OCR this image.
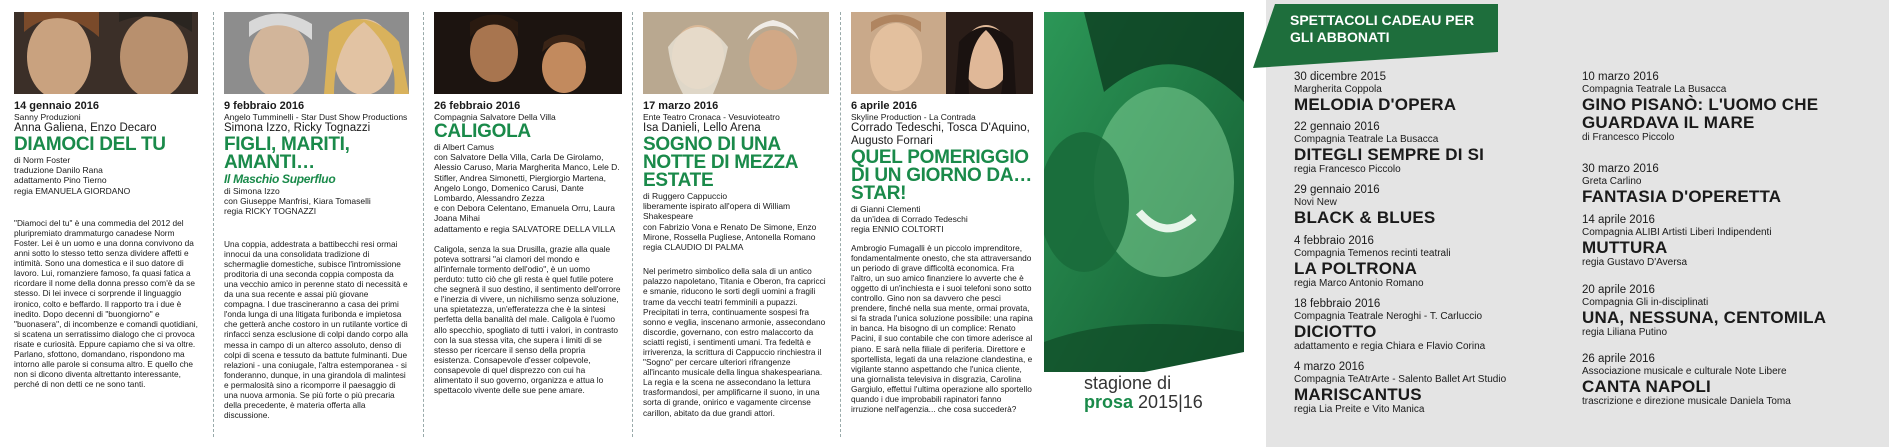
14 gennaio 2016
Sanny Produzioni
Anna Galiena, Enzo Decaro
DIAMOCI DEL TU
di Norm Foster
traduzione Danilo Rana
adattamento Pino Tierno
regia EMANUELA GIORDANO
"Diamoci del tu" è una commedia del 2012 del pluripremiato drammaturgo canadese Norm Foster. Lei è un uomo e una donna convivono da anni sotto lo stesso tetto senza dividere affetti e intimità. Sono una domestica e il suo datore di lavoro. Lui, romanziere famoso, fa quasi fatica a ricordare il nome della donna presso com'è da se stesso. Di lei invece ci sorprende il linguaggio ironico, colto e beffardo. Il rapporto tra i due è inedito. Dopo decenni di "buongiorno" e "buonasera", di incombenze e comandi quotidiani, si scatena un serratissimo dialogo che ci provoca risate e curiosità. Eppure capiamo che si va oltre. Parlano, sfottono, domandano, rispondono ma intorno alle parole si consuma altro. E quello che non si dicono diventa altrettanto interessante, perché di non detti ce ne sono tanti.
9 febbraio 2016
Angelo Tumminelli - Star Dust Show Productions
Simona Izzo, Ricky Tognazzi
FIGLI, MARITI, AMANTI…
Il Maschio Superfluo
di Simona Izzo
con Giuseppe Manfrisi, Kiara Tomaselli
regia RICKY TOGNAZZI
Una coppia, addestrata a battibecchi resi ormai innocui da una consolidata tradizione di schermaglie domestiche, subisce l'intromissione proditoria di una seconda coppia composta da una vecchio amico in perenne stato di necessità e da una sua recente e assai più giovane compagna. I due trascineranno a casa dei primi l'onda lunga di una litigata furibonda e impietosa che getterà anche costoro in un rutilante vortice di rinfacci senza esclusione di colpi dando corpo alla messa in campo di un alterco assoluto, denso di colpi di scena e tessuto da battute fulminanti. Due relazioni - una coniugale, l'altra estemporanea - si fonderanno, dunque, in una girandola di malintesi e permalosità sino a ricomporre il paesaggio di una nuova armonia. Se più forte o più precaria della precedente, è materia offerta alla discussione.
26 febbraio 2016
Compagnia Salvatore Della Villa
CALIGOLA
di Albert Camus
con Salvatore Della Villa, Carla De Girolamo, Alessio Caruso, Maria Margherita Manco, Lele D. Stifler, Andrea Simonetti, Piergiorgio Martena, Angelo Longo, Domenico Carusi, Dante Lombardo, Alessandro Zezza
e con Debora Celentano, Emanuela Orru, Laura Joana Mihai
adattamento e regia SALVATORE DELLA VILLA
Caligola, senza la sua Drusilla, grazie alla quale poteva sottrarsi "ai clamori del mondo e all'infernale tormento dell'odio", è un uomo perduto: tutto ciò che gli resta è quel futile potere che segnerà il suo destino, il sentimento dell'orrore e l'inerzia di vivere, un nichilismo senza soluzione, una spietatezza, un'efferatezza che è la sintesi perfetta della banalità del male. Caligola è l'uomo allo specchio, spogliato di tutti i valori, in contrasto con la sua stessa vita, che supera i limiti di se stesso per ricercare il senso della propria esistenza. Consapevole d'esser colpevole, consapevole di quel disprezzo con cui ha alimentato il suo governo, organizza e attua lo spettacolo vivente delle sue pene amare.
17 marzo 2016
Ente Teatro Cronaca - Vesuvioteatro
Isa Danieli, Lello Arena
SOGNO DI UNA NOTTE DI MEZZA ESTATE
di Ruggero Cappuccio
liberamente ispirato all'opera di William Shakespeare
con Fabrizio Vona e Renato De Simone, Enzo Mirone, Rossella Pugliese, Antonella Romano
regia CLAUDIO DI PALMA
Nel perimetro simbolico della sala di un antico palazzo napoletano, Titania e Oberon, fra capricci e smanie, riducono le sorti degli uomini a fragili trame da vecchi teatri femminili a pupazzi. Precipitati in terra, continuamente sospesi fra sonno e veglia, inscenano armonie, assecondano discordie, governano, con estro malaccorto da sciatti registi, i sentimenti umani. Tra fedeltà e irriverenza, la scrittura di Cappuccio rinchiestra il "Sogno" per cercare ulteriori rifrangenze all'incanto musicale della lingua shakespeariana. La regia e la scena ne assecondano la lettura trasformandosi, per amplificarne il suono, in una sorta di grande, onirico e vagamente circense carillon, abitato da due grandi attori.
6 aprile 2016
Skyline Production - La Contrada
Corrado Tedeschi, Tosca D'Aquino, Augusto Fornari
QUEL POMERIGGIO DI UN GIORNO DA… STAR!
di Gianni Clementi
da un'idea di Corrado Tedeschi
regia ENNIO COLTORTI
Ambrogio Fumagalli è un piccolo imprenditore, fondamentalmente onesto, che sta attraversando un periodo di grave difficoltà economica. Fra l'altro, un suo amico finanziere lo avverte che è oggetto di un'inchiesta e i suoi telefoni sono sotto controllo. Gino non sa davvero che pesci prendere, finché nella sua mente, ormai provata, si fa strada l'unica soluzione possibile: una rapina in banca. Ha bisogno di un complice: Renato Pacini, il suo contabile che con timore aderisce al piano. E sarà nella filiale di periferia. Direttore e sportellista, legati da una relazione clandestina, e vigilante stanno aspettando che l'unica cliente, una giornalista televisiva in disgrazia, Carolina Gargiulo, effettui l'ultima operazione allo sportello quando i due improbabili rapinatori fanno irruzione nell'agenzia... che cosa succederà?
stagione di
prosa 2015|16
SPETTACOLI CADEAU PER GLI ABBONATI
30 dicembre 2015
Margherita Coppola
MELODIA D'OPERA
22 gennaio 2016
Compagnia Teatrale La Busacca
DITEGLI SEMPRE DI SI
regia Francesco Piccolo
29 gennaio 2016
Novi New
BLACK & BLUES
4 febbraio 2016
Compagnia Temenos recinti teatrali
LA POLTRONA
regia Marco Antonio Romano
18 febbraio 2016
Compagnia Teatrale Neroghi - T. Carluccio
DICIOTTO
adattamento e regia Chiara e Flavio Corina
4 marzo 2016
Compagnia TeAtrArte - Salento Ballet Art Studio
MARISCANTUS
regia Lia Preite e Vito Manica
10 marzo 2016
Compagnia Teatrale La Busacca
GINO PISANÒ: L'UOMO CHE GUARDAVA IL MARE
di Francesco Piccolo
30 marzo 2016
Greta Carlino
FANTASIA D'OPERETTA
14 aprile 2016
Compagnia ALIBI Artisti Liberi Indipendenti
MUTTURA
regia Gustavo D'Aversa
20 aprile 2016
Compagnia Gli in-disciplinati
UNA, NESSUNA, CENTOMILA
regia Liliana Putino
26 aprile 2016
Associazione musicale e culturale Note Libere
CANTA NAPOLI
trascrizione e direzione musicale Daniela Toma
